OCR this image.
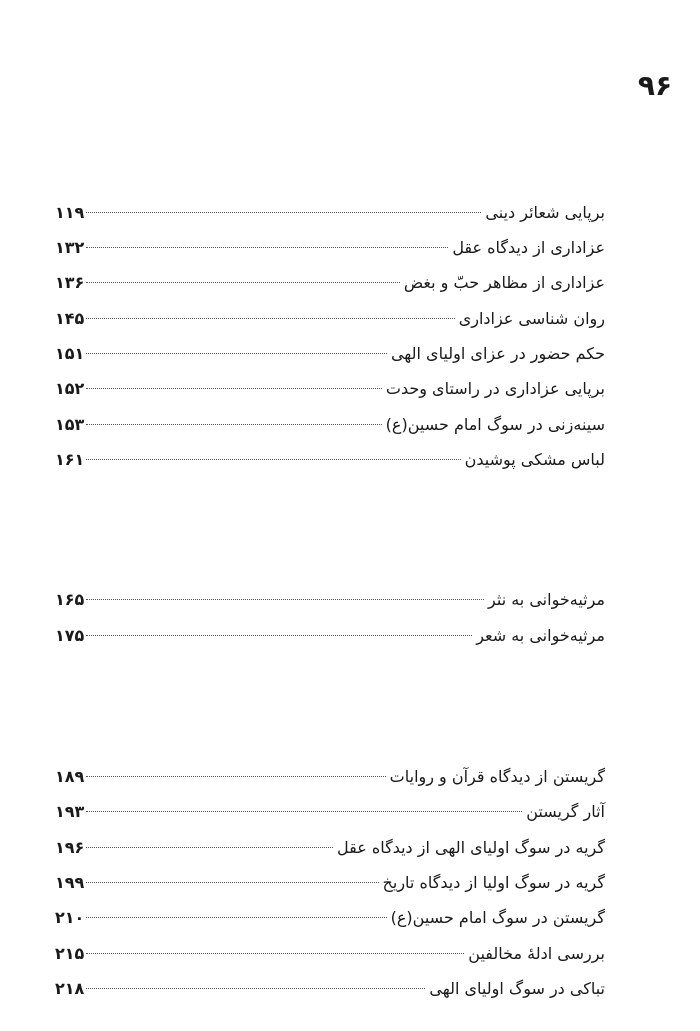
۹۶
برپایی شعائر دینی
۱۱۹
عزاداری از دیدگاه عقل
۱۳۲
عزاداری از مظاهر حبّ و بغض
۱۳۶
روان شناسی عزاداری
۱۴۵
حکم حضور در عزای اولیای الهی
۱۵۱
برپایی عزاداری در راستای وحدت
۱۵۲
سینه‌زنی در سوگ امام حسین(ع)
۱۵۳
لباس مشکی پوشیدن
۱۶۱
مرثیه‌خوانی به نثر
۱۶۵
مرثیه‌خوانی به شعر
۱۷۵
گریستن از دیدگاه قرآن و روایات
۱۸۹
آثار گریستن
۱۹۳
گریه در سوگ اولیای الهی از دیدگاه عقل
۱۹۶
گریه در سوگ اولیا از دیدگاه تاریخ
۱۹۹
گریستن در سوگ امام حسین(ع)
۲۱۰
بررسی ادلهٔ مخالفین
۲۱۵
تباکی در سوگ اولیای الهی
۲۱۸
